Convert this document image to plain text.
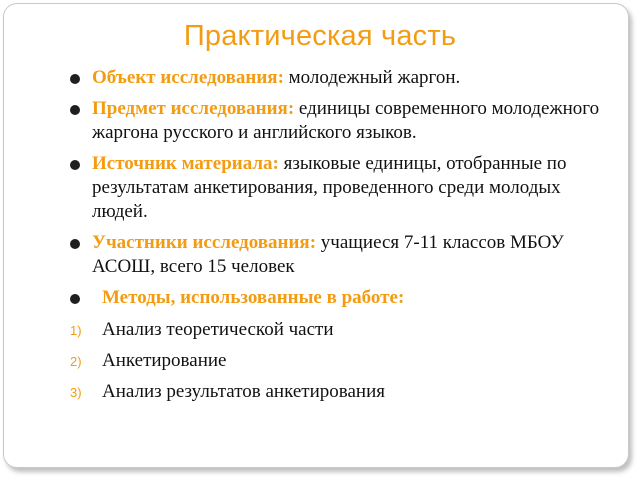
Практическая часть
Объект исследования: молодежный жаргон.
Предмет исследования: единицы современного молодежного жаргона русского и английского языков.
Источник материала: языковые единицы, отобранные по результатам анкетирования, проведенного среди молодых людей.
Участники исследования: учащиеся 7-11 классов МБОУ АСОШ, всего 15 человек
Методы, использованные в работе:
1) Анализ теоретической части
2) Анкетирование
3) Анализ результатов анкетирования
